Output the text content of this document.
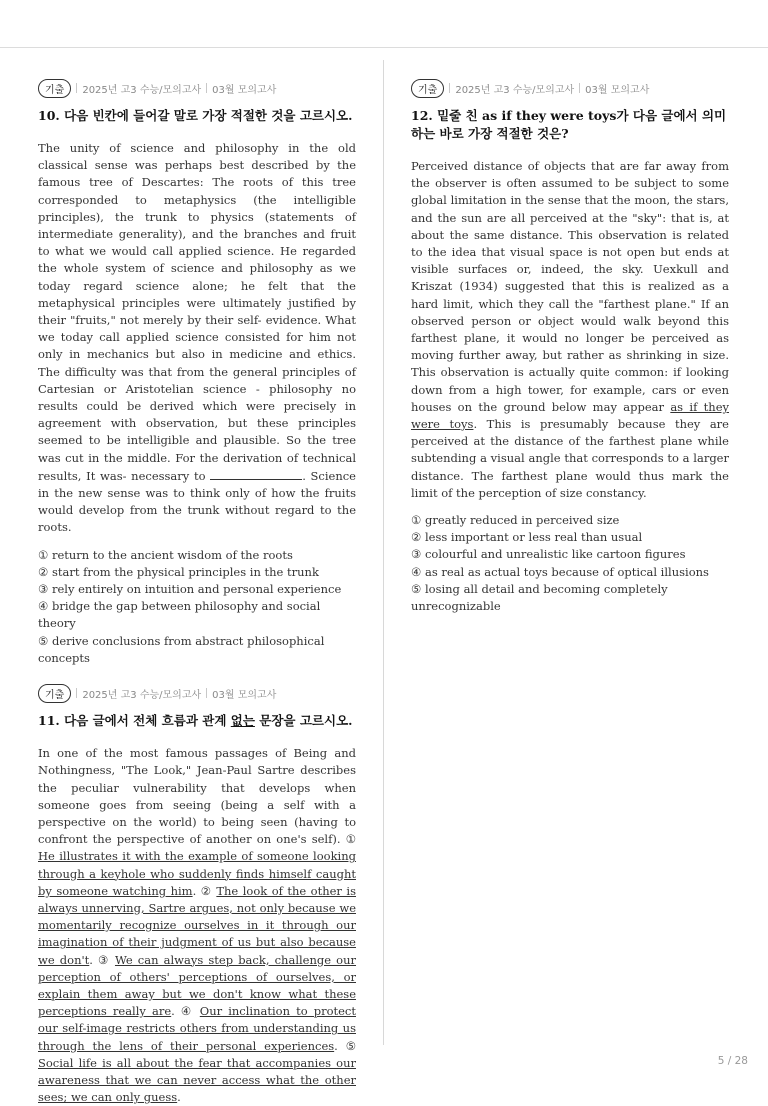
기출	2025년 고3 수능/모의고사 03월 모의고사
10. 다음 빈칸에 들어갈 말로 가장 적절한 것을 고르시오.

The unity of science and philosophy in the old classical sense was perhaps best described by the famous tree of Descartes: The roots of this tree corresponded to metaphysics (the intelligible principles), the trunk to physics (statements of intermediate generality), and the branches and fruit to what we would call applied science. He regarded the whole system of science and philosophy as we today regard science alone; he felt that the metaphysical principles were ultimately justified by their "fruits," not merely by their self- evidence. What we today call applied science consisted for him not only in mechanics but also in medicine and ethics. The difficulty was that from the general principles of Cartesian or Aristotelian science - philosophy no results could be derived which were precisely in agreement with observation, but these principles seemed to be intelligible and plausible. So the tree was cut in the middle. For the derivation of technical results, It was- necessary to	. Science in the new sense was to think only of how the fruits would develop from the trunk without regard to the roots.

① return to the ancient wisdom of the roots
② start from the physical principles in the trunk
③ rely entirely on intuition and personal experience
④ bridge the gap between philosophy and social theory
⑤ derive conclusions from abstract philosophical concepts
기출	2025년 고3 수능/모의고사 03월 모의고사
11. 다음 글에서 전체 흐름과 관계 없는 문장을 고르시오.

In one of the most famous passages of Being and Nothingness, "The Look," Jean-Paul Sartre describes the peculiar vulnerability that develops when someone goes from seeing (being a self with a perspective on the world) to being seen (having to confront the perspective of another on one's self). ① He illustrates it with the example of someone looking through a keyhole who suddenly finds himself caught by someone watching him. ② The look of the other is always unnerving, Sartre argues, not only because we momentarily recognize ourselves in it through our imagination of their judgment of us but also because we don't. ③ We can always step back, challenge our perception of others' perceptions of ourselves, or explain them away but we don't know what these perceptions really are. ④ Our inclination to protect our self-image restricts others from understanding us through the lens of their personal experiences. ⑤ Social life is all about the fear that accompanies our awareness that we can never access what the other sees; we can only guess.

기출	2025년 고3 수능/모의고사 03월 모의고사
12. 밑줄 친 as if they were toys가 다음 글에서 의미하는 바로 가장 적절한 것은?

Perceived distance of objects that are far away from the observer is often assumed to be subject to some global limitation in the sense that the moon, the stars, and the sun are all perceived at the "sky": that is, at about the same distance. This observation is related to the idea that visual space is not open but ends at visible surfaces or, indeed, the sky. Uexkull and Kriszat (1934) suggested that this is realized as a hard limit, which they call the "farthest plane." If an observed person or object would walk beyond this farthest plane, it would no longer be perceived as moving further away, but rather as shrinking in size. This observation is actually quite common: if looking down from a high tower, for example, cars or even houses on the ground below may appear as if they were toys. This is presumably because they are perceived at the distance of the farthest plane while subtending a visual angle that corresponds to a larger distance. The farthest plane would thus mark the limit of the perception of size constancy.

① greatly reduced in perceived size
② less important or less real than usual
③ colourful and unrealistic like cartoon figures
④ as real as actual toys because of optical illusions
⑤ losing all detail and becoming completely unrecognizable
5 / 28
